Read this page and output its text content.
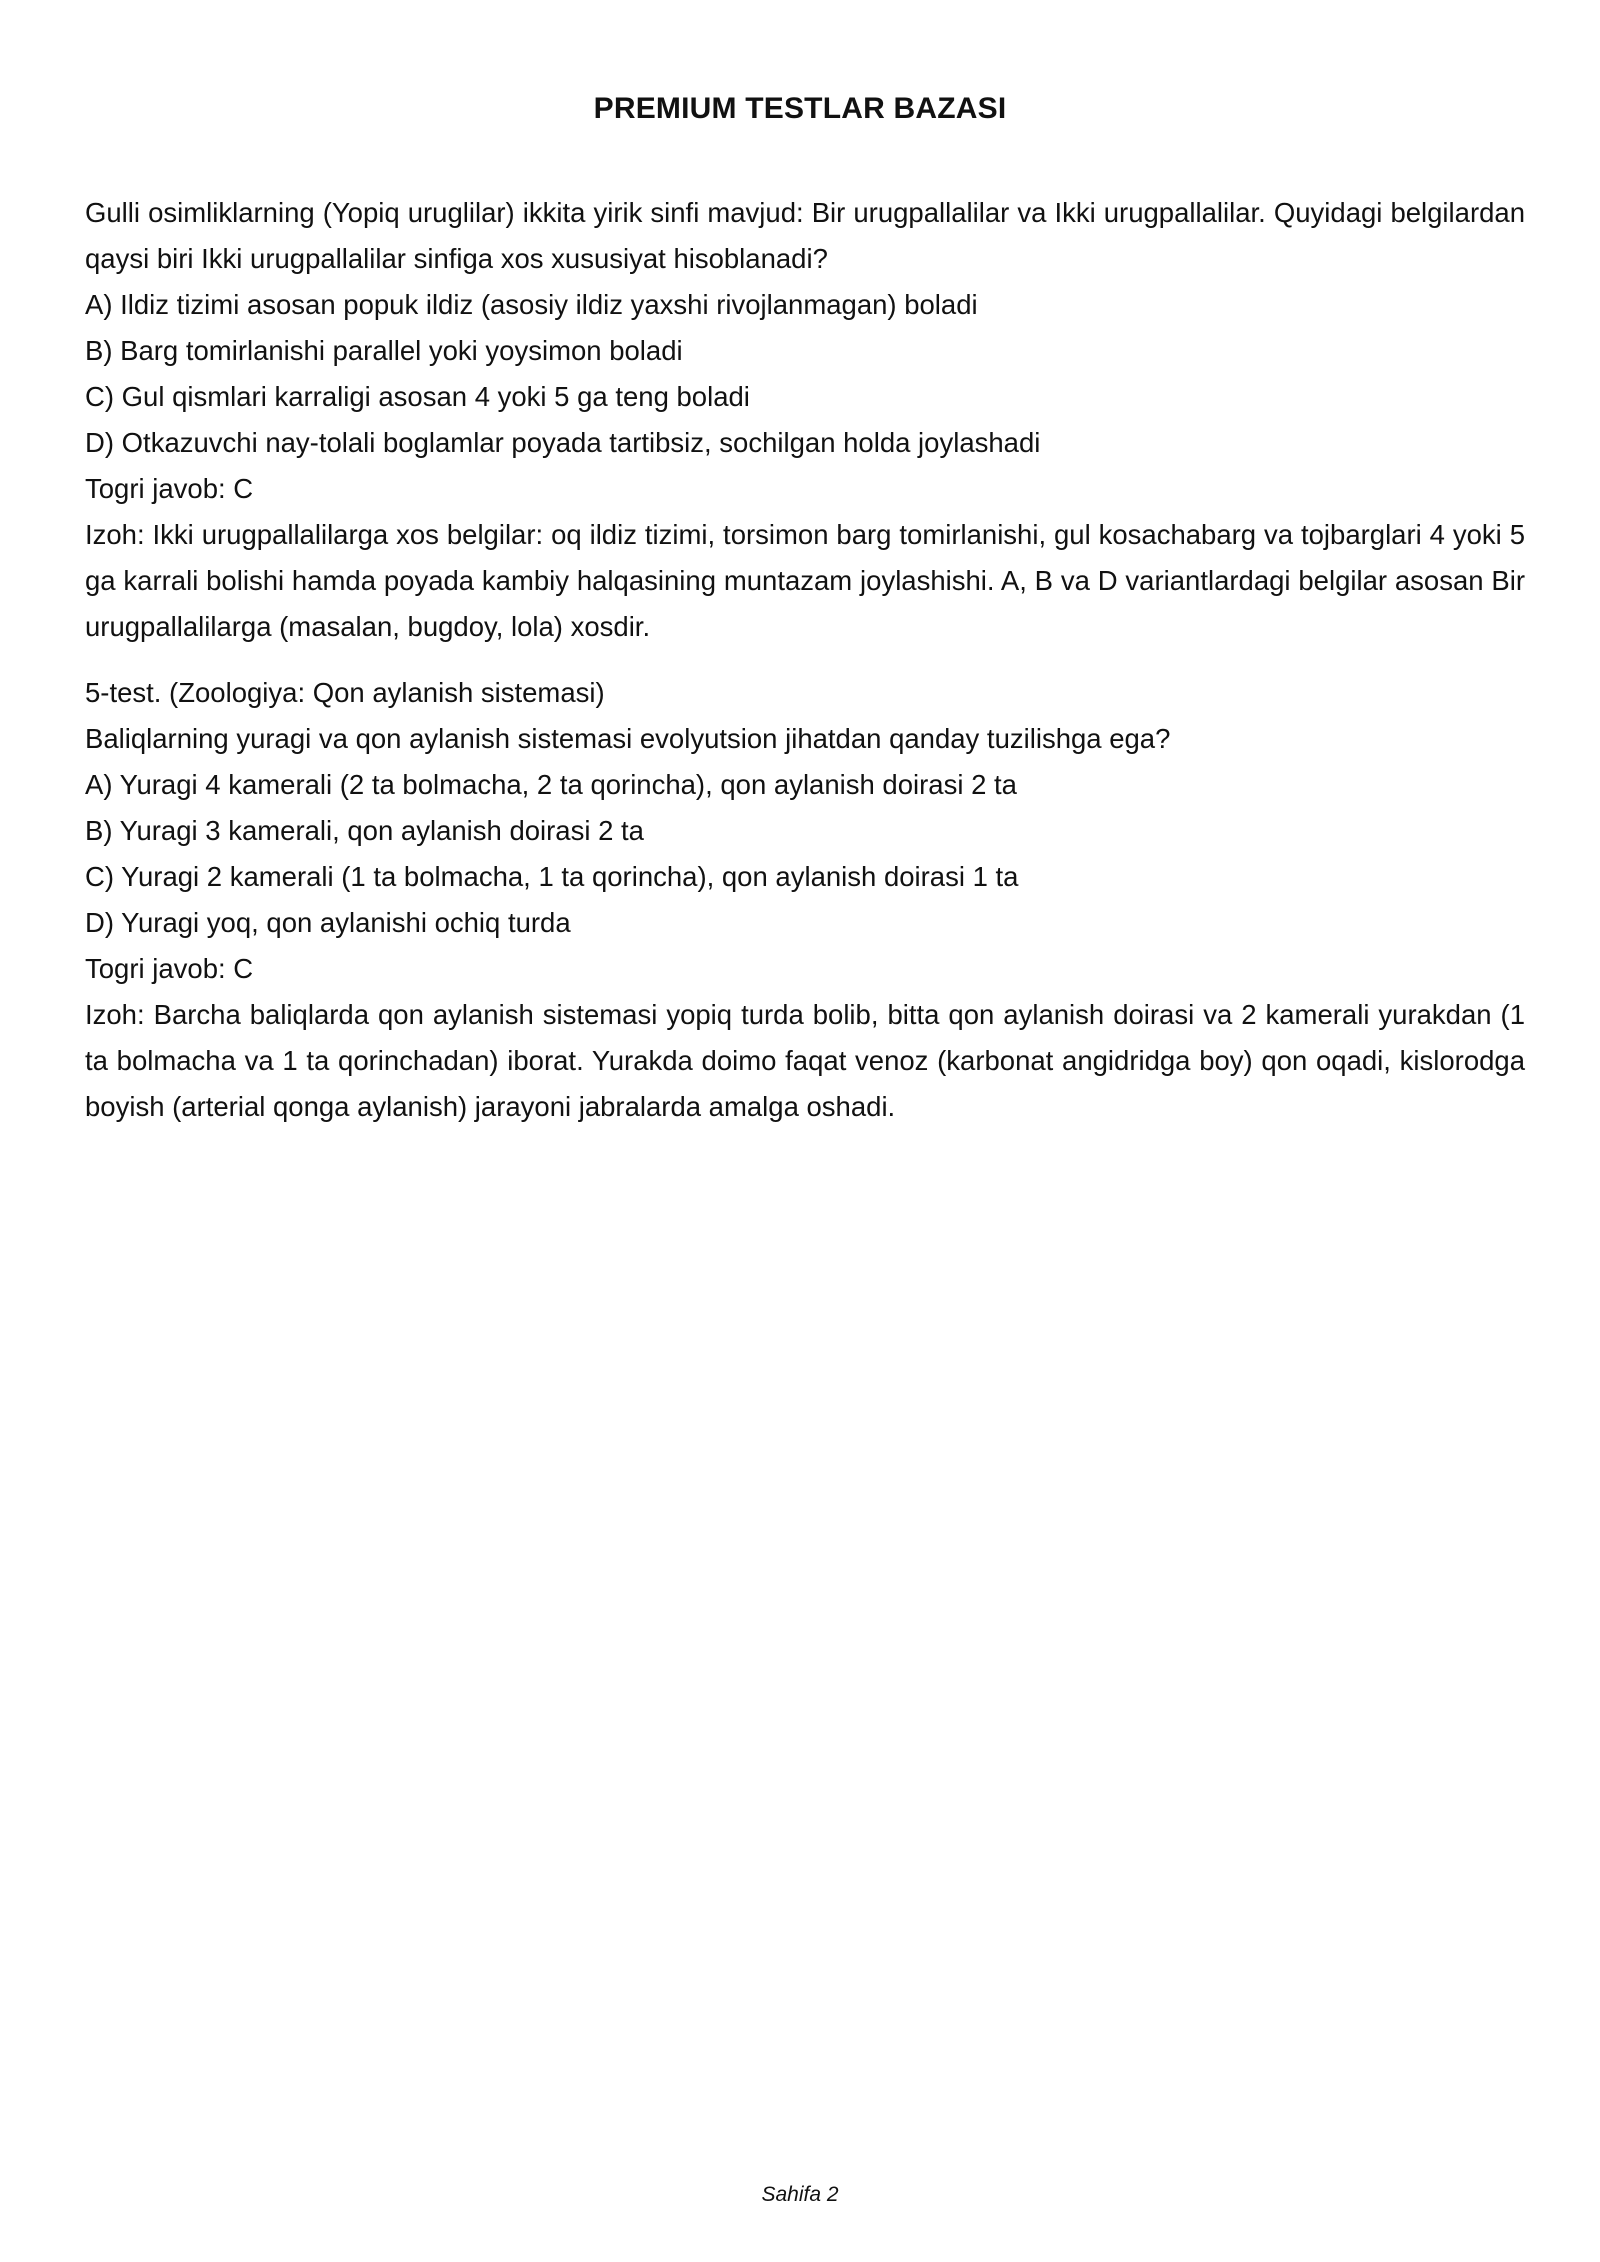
PREMIUM TESTLAR BAZASI

Gulli osimliklarning (Yopiq uruglilar) ikkita yirik sinfi mavjud: Bir urugpallalilar va Ikki urugpallalilar. Quyidagi belgilardan qaysi biri Ikki urugpallalilar sinfiga xos xususiyat hisoblanadi?

A) Ildiz tizimi asosan popuk ildiz (asosiy ildiz yaxshi rivojlanmagan) boladi

B) Barg tomirlanishi parallel yoki yoysimon boladi

C) Gul qismlari karraligi asosan 4 yoki 5 ga teng boladi

D) Otkazuvchi nay-tolali boglamlar poyada tartibsiz, sochilgan holda joylashadi

Togri javob: C

Izoh: Ikki urugpallalilarga xos belgilar: oq ildiz tizimi, torsimon barg tomirlanishi, gul kosachabarg va tojbarglari 4 yoki 5 ga karrali bolishi hamda poyada kambiy halqasining muntazam joylashishi. A, B va D variantlardagi belgilar asosan Bir urugpallalilarga (masalan, bugdoy, lola) xosdir.

5-test. (Zoologiya: Qon aylanish sistemasi)

Baliqlarning yuragi va qon aylanish sistemasi evolyutsion jihatdan qanday tuzilishga ega?

A) Yuragi 4 kamerali (2 ta bolmacha, 2 ta qorincha), qon aylanish doirasi 2 ta

B) Yuragi 3 kamerali, qon aylanish doirasi 2 ta

C) Yuragi 2 kamerali (1 ta bolmacha, 1 ta qorincha), qon aylanish doirasi 1 ta

D) Yuragi yoq, qon aylanishi ochiq turda

Togri javob: C

Izoh: Barcha baliqlarda qon aylanish sistemasi yopiq turda bolib, bitta qon aylanish doirasi va 2 kamerali yurakdan (1 ta bolmacha va 1 ta qorinchadan) iborat. Yurakda doimo faqat venoz (karbonat angidridga boy) qon oqadi, kislorodga boyish (arterial qonga aylanish) jarayoni jabralarda amalga oshadi.

Sahifa 2
